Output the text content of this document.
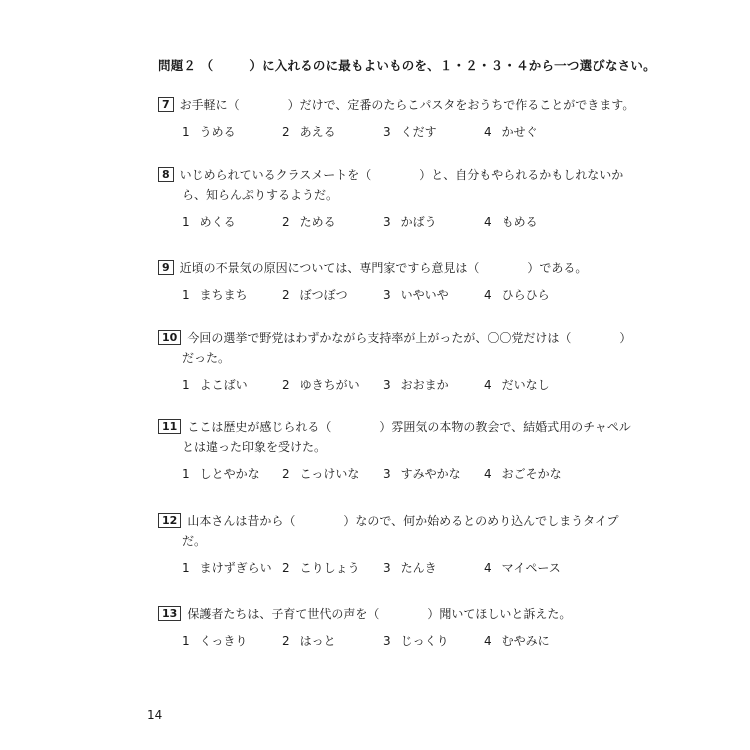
問題２ （	）に入れるのに最もよいものを、１・２・３・４から一つ選びなさい。
7 お手軽に（　　　　）だけで、定番のたらこパスタをおうちで作ることができます。
1 うめる	2 あえる	3 くだす	4 かせぐ
8 いじめられているクラスメートを（　　　　）と、自分もやられるかもしれないか
ら、知らんぷりするようだ。
1 めくる	2 ためる	3 かばう	4 もめる
9 近頃の不景気の原因については、専門家ですら意見は（　　　　）である。
1 まちまち	2 ぼつぼつ	3 いやいや	4 ひらひら
10 今回の選挙で野党はわずかながら支持率が上がったが、〇〇党だけは（　　　　）
だった。
1 よこばい	2 ゆきちがい 3 おおまか	4 だいなし
11 ここは歴史が感じられる（　　　　）雰囲気の本物の教会で、結婚式用のチャペル
とは違った印象を受けた。
1 しとやかな 2 こっけいな 3 すみやかな 4 おごそかな
12 山本さんは昔から（　　　　）なので、何か始めるとのめり込んでしまうタイプ
だ。
1 まけずぎらい 2 こりしょう 3 たんき	4 マイペース
13 保護者たちは、子育て世代の声を（　　　　）聞いてほしいと訴えた。
1 くっきり	2 はっと	3 じっくり	4 むやみに
14
